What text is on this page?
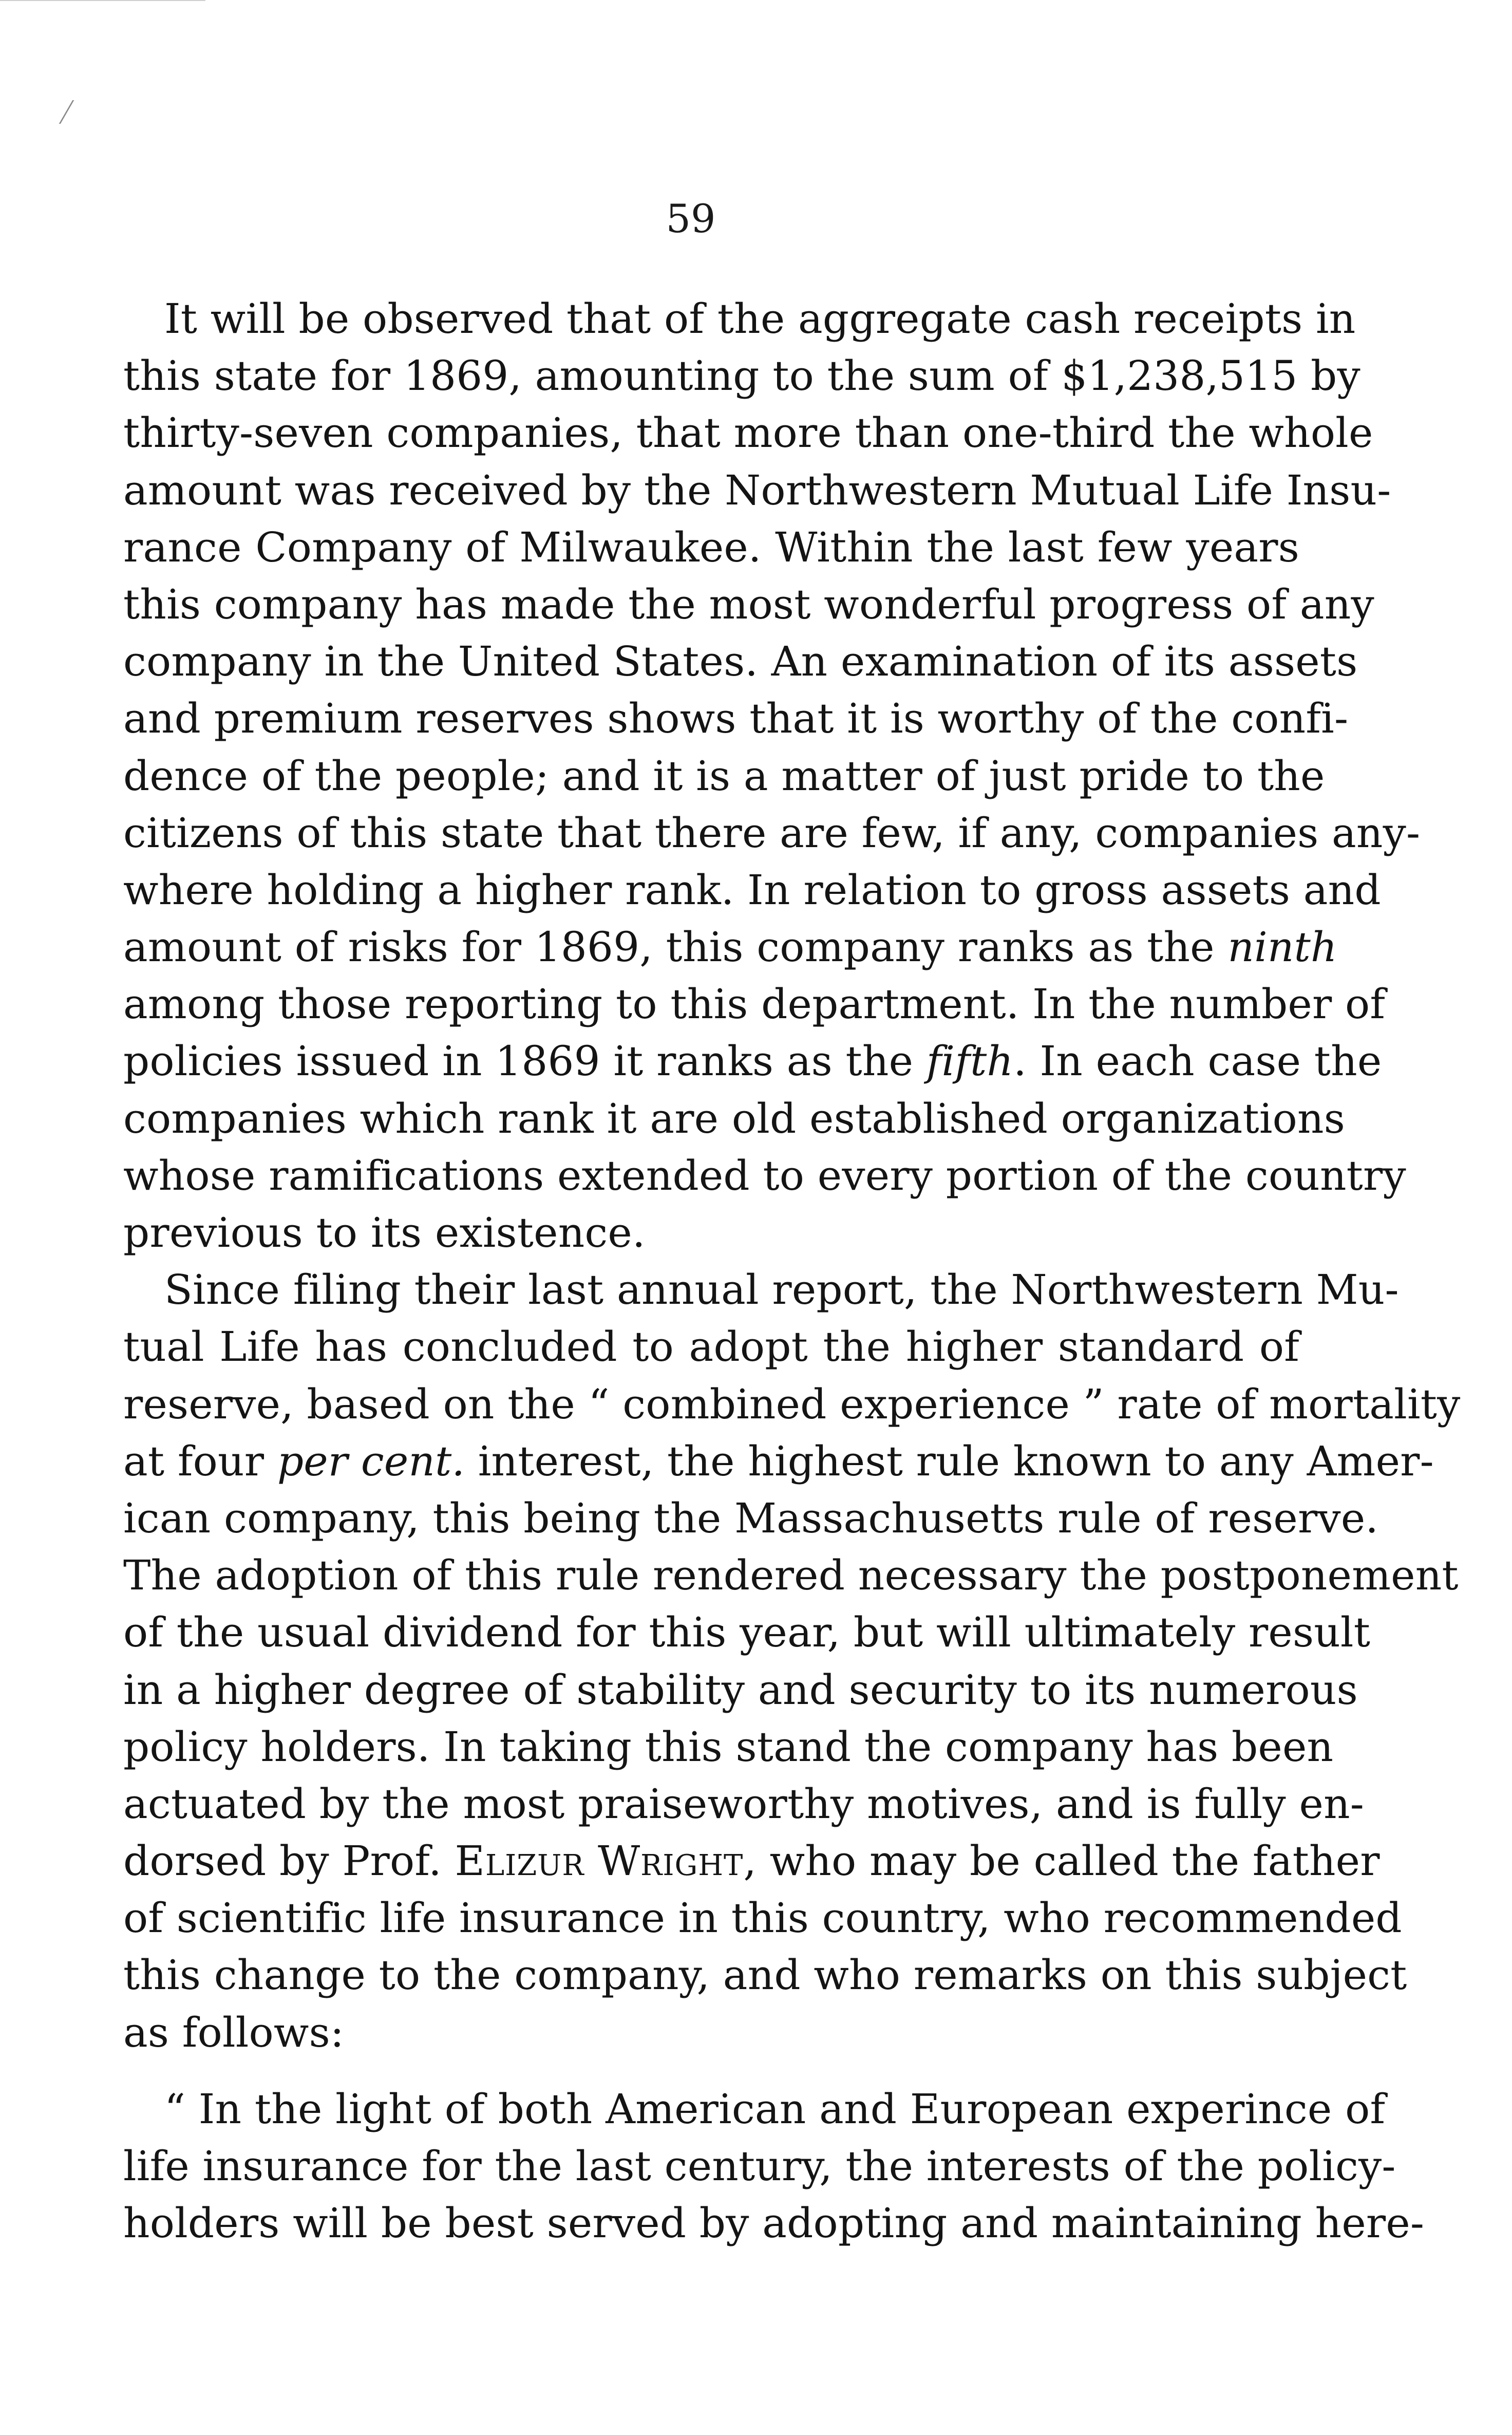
59
It will be observed that of the aggregate cash receipts in
this state for 1869, amounting to the sum of $1,238,515 by
thirty-seven companies, that more than one-third the whole
amount was received by the Northwestern Mutual Life Insu-
rance Company of Milwaukee. Within the last few years
this company has made the most wonderful progress of any
company in the United States. An examination of its assets
and premium reserves shows that it is worthy of the confi-
dence of the people; and it is a matter of just pride to the
citizens of this state that there are few, if any, companies any-
where holding a higher rank. In relation to gross assets and
amount of risks for 1869, this company ranks as the ninth
among those reporting to this department. In the number of
policies issued in 1869 it ranks as the fifth. In each case the
companies which rank it are old established organizations
whose ramifications extended to every portion of the country
previous to its existence.
Since filing their last annual report, the Northwestern Mu-
tual Life has concluded to adopt the higher standard of
reserve, based on the “ combined experience ” rate of mortality
at four per cent. interest, the highest rule known to any Amer-
ican company, this being the Massachusetts rule of reserve.
The adoption of this rule rendered necessary the postponement
of the usual dividend for this year, but will ultimately result
in a higher degree of stability and security to its numerous
policy holders. In taking this stand the company has been
actuated by the most praiseworthy motives, and is fully en-
dorsed by Prof. Elizur Wright, who may be called the father
of scientific life insurance in this country, who recommended
this change to the company, and who remarks on this subject
as follows:
“ In the light of both American and European experince of
life insurance for the last century, the interests of the policy-
holders will be best served by adopting and maintaining here-
